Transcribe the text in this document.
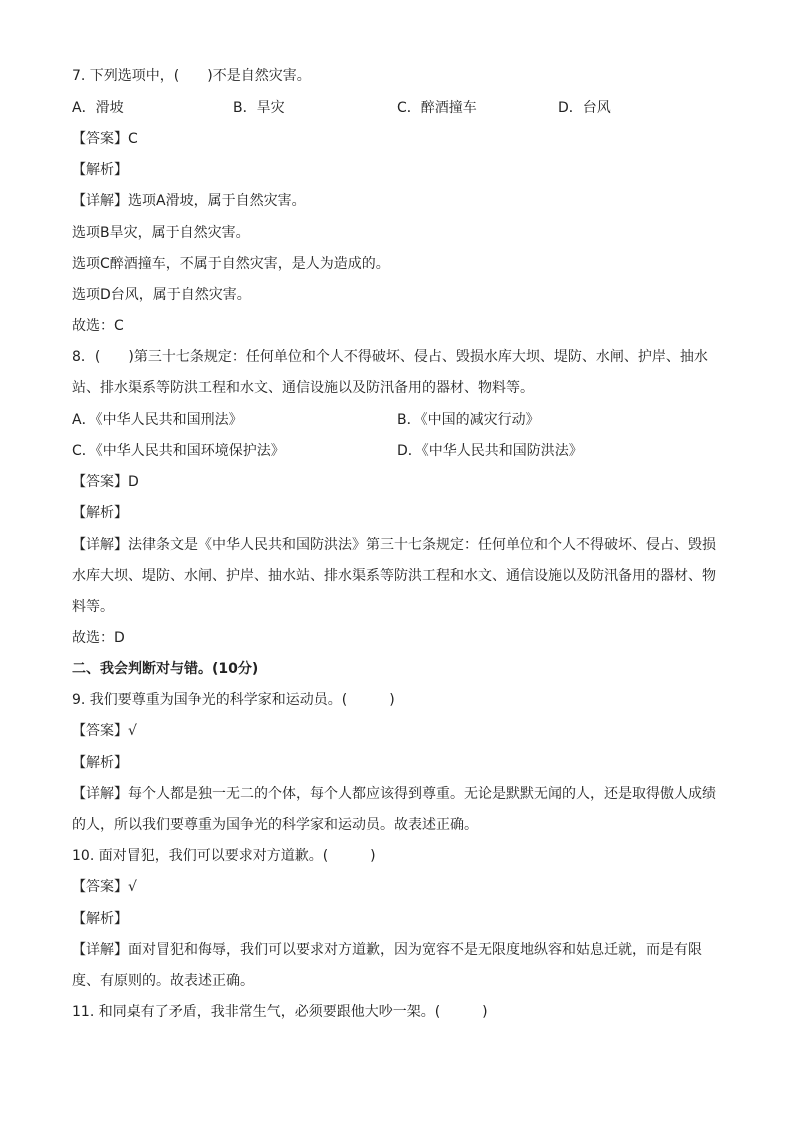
7. 下列选项中，(　　)不是自然灾害。
A．滑坡	B．旱灾	C．醉酒撞车	D．台风
【答案】C
【解析】
【详解】选项A滑坡，属于自然灾害。
选项B旱灾，属于自然灾害。
选项C醉酒撞车，不属于自然灾害，是人为造成的。
选项D台风，属于自然灾害。
故选：C
8．(　　)第三十七条规定：任何单位和个人不得破坏、侵占、毁损水库大坝、堤防、水闸、护岸、抽水
站、排水渠系等防洪工程和水文、通信设施以及防汛备用的器材、物料等。
A．《中华人民共和国刑法》	B．《中国的减灾行动》
C．《中华人民共和国环境保护法》	D．《中华人民共和国防洪法》
【答案】D
【解析】
【详解】法律条文是《中华人民共和国防洪法》第三十七条规定：任何单位和个人不得破坏、侵占、毁损
水库大坝、堤防、水闸、护岸、抽水站、排水渠系等防洪工程和水文、通信设施以及防汛备用的器材、物
料等。
故选：D
二、我会判断对与错。(10分)
9. 我们要尊重为国争光的科学家和运动员。(　　　)
【答案】√
【解析】
【详解】每个人都是独一无二的个体，每个人都应该得到尊重。无论是默默无闻的人，还是取得傲人成绩
的人，所以我们要尊重为国争光的科学家和运动员。故表述正确。
10. 面对冒犯，我们可以要求对方道歉。(　　　)
【答案】√
【解析】
【详解】面对冒犯和侮辱，我们可以要求对方道歉，因为宽容不是无限度地纵容和姑息迁就，而是有限
度、有原则的。故表述正确。
11. 和同桌有了矛盾，我非常生气，必须要跟他大吵一架。(　　　)
